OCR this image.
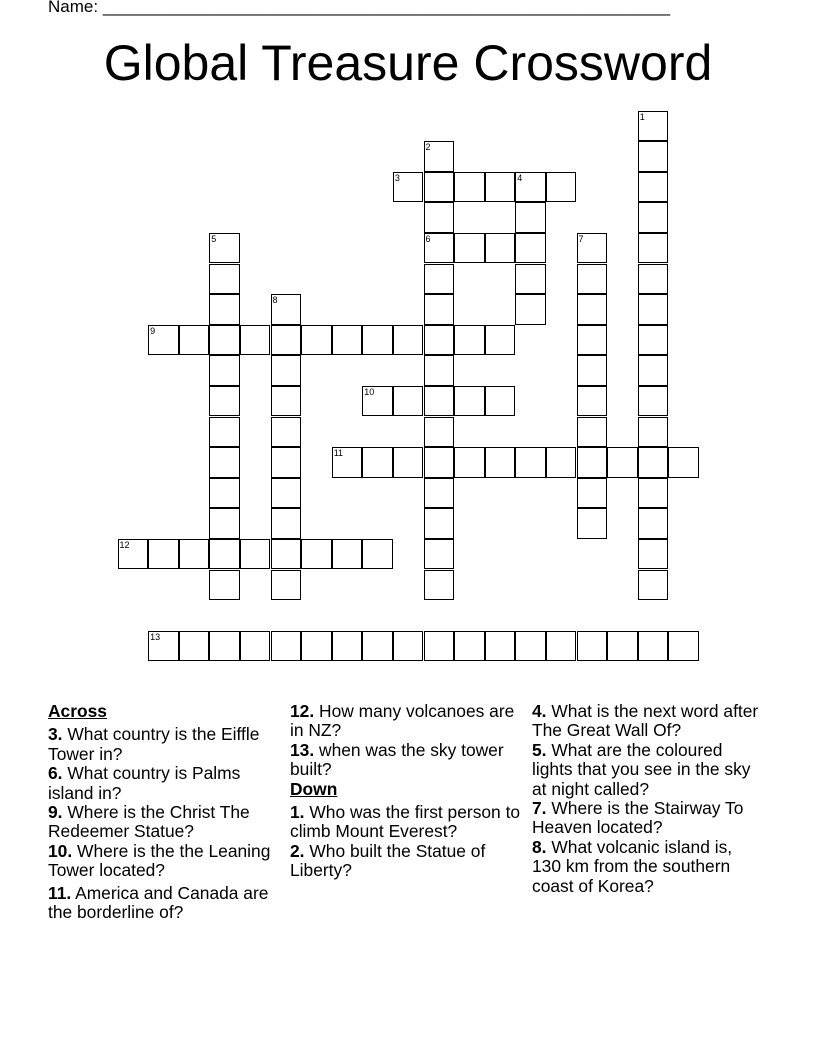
Name: ____________________________________________________________
Global Treasure Crossword
1
2
6
3	4
5	7
8
9
10
11
12
13
Across
3. What country is the Eiffle Tower in?
6. What country is Palms island in?
9. Where is the Christ The Redeemer Statue?
10. Where is the the Leaning Tower located?
11. America and Canada are the borderline of?
12. How many volcanoes are in NZ?
13. when was the sky tower built?
Down
1. Who was the first person to climb Mount Everest?
2. Who built the Statue of Liberty?
4. What is the next word after The Great Wall Of?
5. What are the coloured lights that you see in the sky at night called?
7. Where is the Stairway To Heaven located?
8. What volcanic island is, 130 km from the southern coast of Korea?
